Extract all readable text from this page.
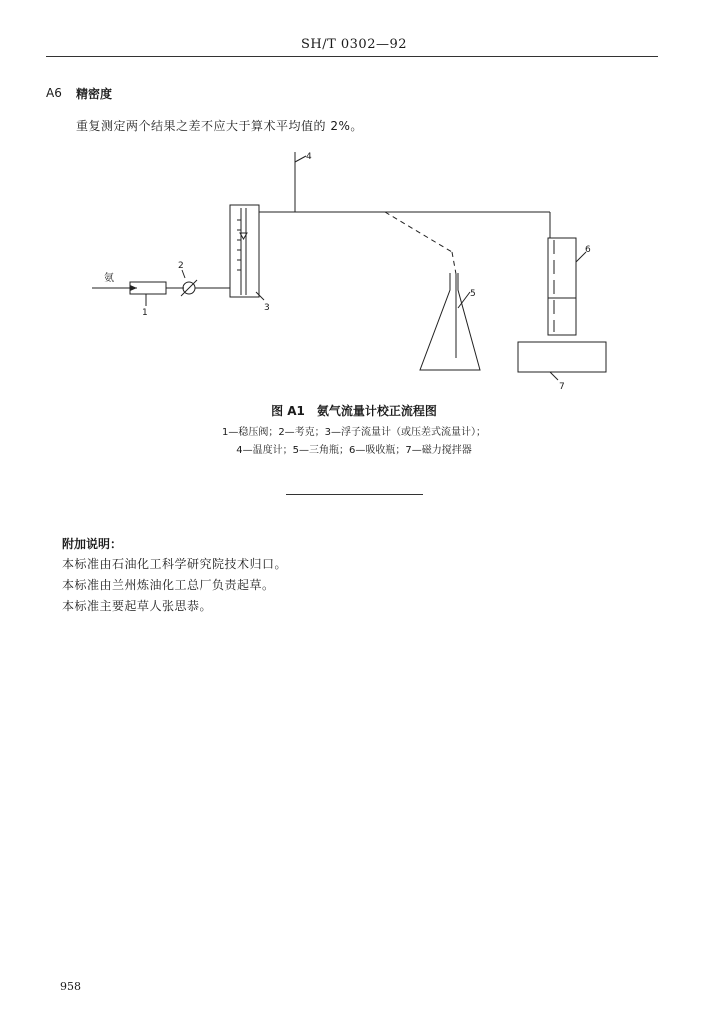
SH/T 0302—92
A6 精密度
重复测定两个结果之差不应大于算术平均值的 2%。
氨
1
2
3
4
5
6
7
图 A1　氨气流量计校正流程图
1—稳压阀；2—考克；3—浮子流量计（或压差式流量计）；
4—温度计；5—三角瓶；6—吸收瓶；7—磁力搅拌器
附加说明：
本标准由石油化工科学研究院技术归口。
本标准由兰州炼油化工总厂负责起草。
本标准主要起草人张思恭。
958
